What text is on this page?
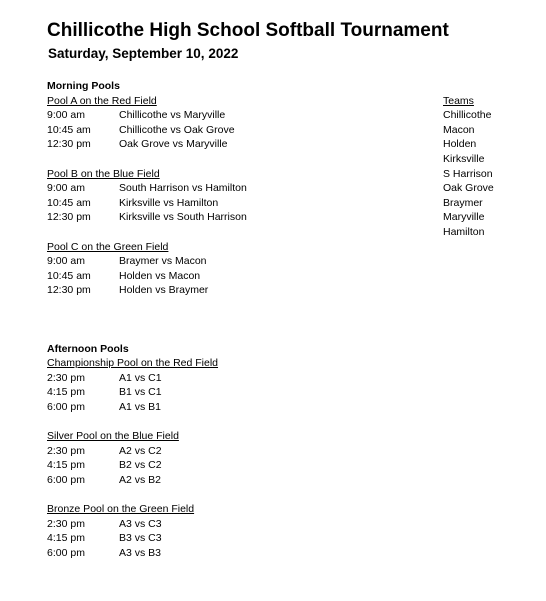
Chillicothe High School Softball Tournament
Saturday, September 10, 2022
Morning Pools
Pool A on the Red Field
9:00 am	Chillicothe vs Maryville
10:45 am	Chillicothe vs Oak Grove
12:30 pm	Oak Grove vs Maryville
Pool B on the Blue Field
9:00 am	South Harrison vs Hamilton
10:45 am	Kirksville vs Hamilton
12:30 pm	Kirksville vs South Harrison
Pool C on the Green Field
9:00 am	Braymer vs Macon
10:45 am	Holden vs Macon
12:30 pm	Holden vs Braymer
Afternoon Pools
Championship Pool on the Red Field
2:30 pm	A1 vs C1
4:15 pm	B1 vs C1
6:00 pm	A1 vs B1
Silver Pool on the Blue Field
2:30 pm	A2 vs C2
4:15 pm	B2 vs C2
6:00 pm	A2 vs B2
Bronze Pool on the Green Field
2:30 pm	A3 vs C3
4:15 pm	B3 vs C3
6:00 pm	A3 vs B3
Teams
Chillicothe
Macon
Holden
Kirksville
S Harrison
Oak Grove
Braymer
Maryville
Hamilton
